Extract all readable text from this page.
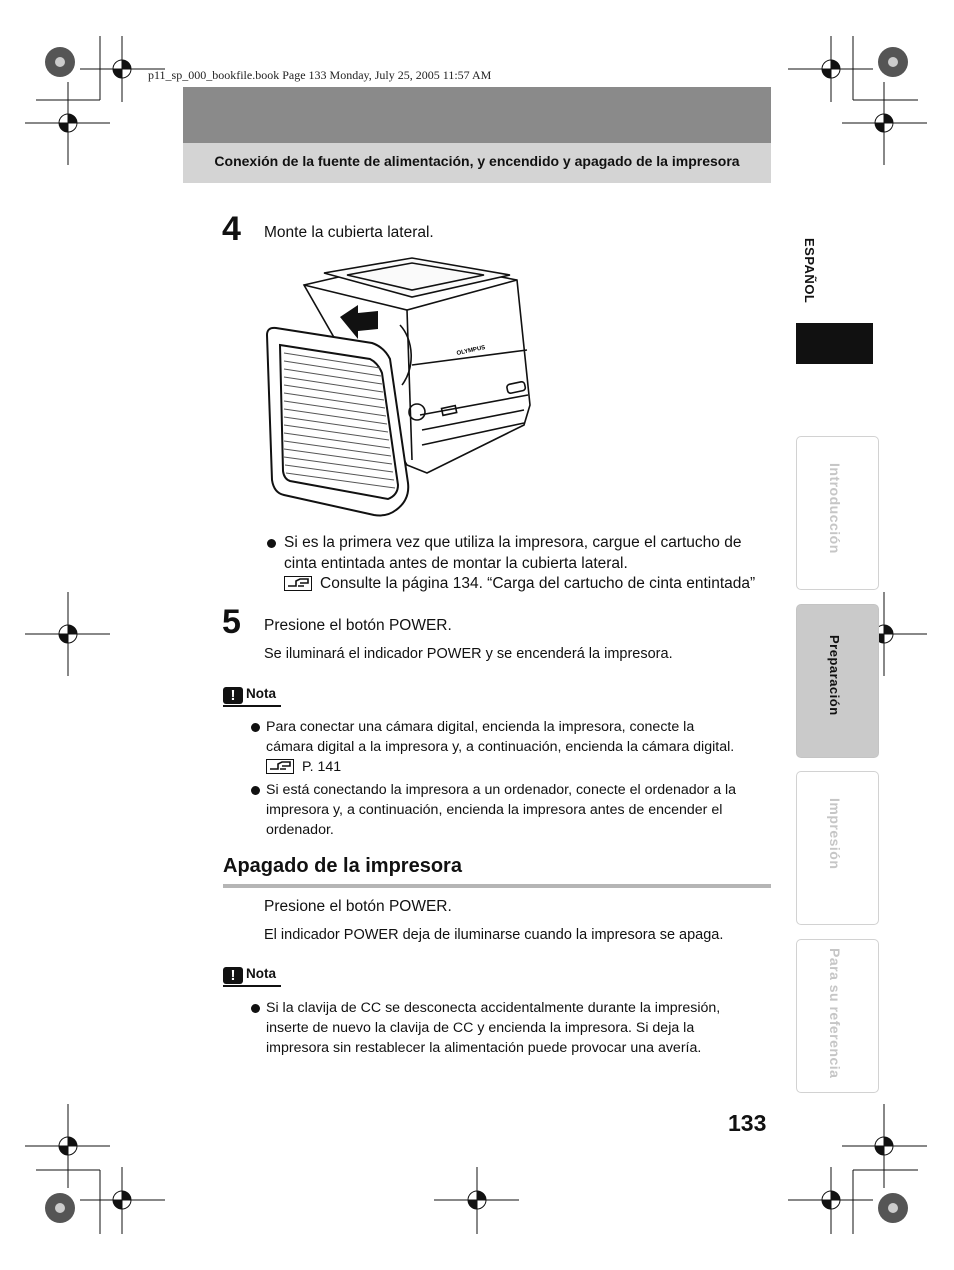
p11_sp_000_bookfile.book Page 133 Monday, July 25, 2005 11:57 AM
Conexión de la fuente de alimentación, y encendido y apagado de la impresora
4 Monte la cubierta lateral.
OLYMPUS
Si es la primera vez que utiliza la impresora, cargue el cartucho de
cinta entintada antes de montar la cubierta lateral.
Consulte la página 134. “Carga del cartucho de cinta entintada”
5 Presione el botón POWER.
Se iluminará el indicador POWER y se encenderá la impresora.
! Nota
Para conectar una cámara digital, encienda la impresora, conecte la
cámara digital a la impresora y, a continuación, encienda la cámara digital.
P. 141
Si está conectando la impresora a un ordenador, conecte el ordenador a la
impresora y, a continuación, encienda la impresora antes de encender el
ordenador.
Apagado de la impresora
Presione el botón POWER.
El indicador POWER deja de iluminarse cuando la impresora se apaga.
! Nota
Si la clavija de CC se desconecta accidentalmente durante la impresión,
inserte de nuevo la clavija de CC y encienda la impresora. Si deja la
impresora sin restablecer la alimentación puede provocar una avería.
ESPAÑOL
Introducción
Preparación
Impresión
Para su referencia
133
